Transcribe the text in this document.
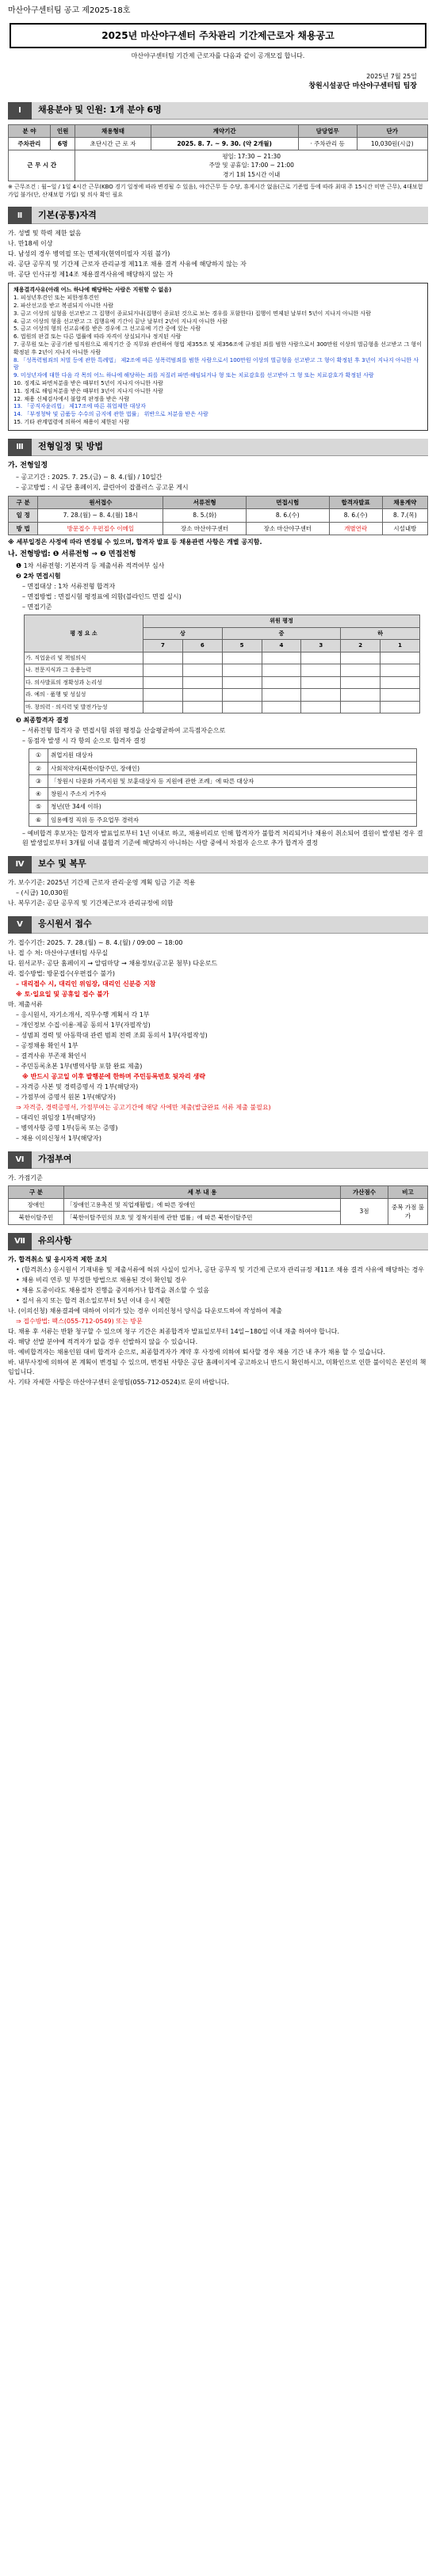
마산아구센터팀 공고 제2025-18호
2025년 마산야구센터 주차관리 기간제근로자 채용공고
마산야구센터팀 기간제 근로자를 다음과 같이 공개모집 합니다.
2025년 7월 25일
창원시설공단 마산야구센터팀 팀장
Ⅰ	채용분야 및 인원: 1개 분야 6명
분 야	인원	채용형태	계약기간	담당업무	단가
주차관리	6명	초단시간 근 로 자	2025. 8. 7. ~ 9. 30. (약 2개월)	· 주차관리 등	10,030원(시급)
근 무 시 간		평일: 17:30 ~ 21:30
주말 및 공휴일: 17:00 ~ 21:00
경기 1회 15시간 이내			
※ 근무조건 : 월~일 / 1일 4시간 근무(KBO 경기 일정에 따라 변경될 수 있음), 야간근무 등 수당, 휴게시간 없음(근로 기준법 등에 따라 최대 주 15시간 미만 근무), 4대보험 가입 불가(단, 산재보험 가입) 및 의사 확인 필요
Ⅱ	기본(공통)자격
가. 성별 및 학력 제한 없음
나. 만18세 이상
다. 남성의 경우 병역필 또는 면제자(현역미필자 지원 불가)
라. 공단 공무직 및 기간제 근로자 관리규정 제11조 채용 결격 사유에 해당하지 않는 자
마. 공단 인사규정 제14조 채용결격사유에 해당하지 않는 자
채용결격사유(아래 어느 하나에 해당하는 사람은 지원할 수 없음)
1. 피성년후견인 또는 피한정후견인
2. 파산선고를 받고 복권되지 아니한 사람
3. 금고 이상의 실형을 선고받고 그 집행이 종료되거나(집행이 종료된 것으로 보는 경우를 포함한다) 집행이 면제된 날부터 5년이 지나지 아니한 사람
4. 금고 이상의 형을 선고받고 그 집행유예 기간이 끝난 날부터 2년이 지나지 아니한 사람
5. 금고 이상의 형의 선고유예를 받은 경우에 그 선고유예 기간 중에 있는 사람
6. 법원의 판결 또는 다른 법률에 따라 자격이 상실되거나 정지된 사람
7. 공무원 또는 공공기관 임직원으로 재직기간 중 직무와 관련하여 형법 제355조 및 제356조에 규정된 죄를 범한 사람으로서 300만원 이상의 벌금형을 선고받고 그 형이 확정된 후 2년이 지나지 아니한 사람
8. 「성폭력범죄의 처벌 등에 관한 특례법」 제2조에 따른 성폭력범죄를 범한 사람으로서 100만원 이상의 벌금형을 선고받고 그 형이 확정된 후 3년이 지나지 아니한 사람
9. 미성년자에 대한 다음 각 목의 어느 하나에 해당하는 죄를 저질러 파면·해임되거나 형 또는 치료감호를 선고받아 그 형 또는 치료감호가 확정된 사람
10. 징계로 파면처분을 받은 때부터 5년이 지나지 아니한 사람
11. 징계로 해임처분을 받은 때부터 3년이 지나지 아니한 사람
12. 채용 신체검사에서 불합격 판정을 받은 사람
13. 「공직자윤리법」 제17조에 따른 취업제한 대상자
14. 「부정청탁 및 금품등 수수의 금지에 관한 법률」 위반으로 처분을 받은 사람
15. 기타 관계법령에 의하여 채용이 제한된 사람
Ⅲ	전형일정 및 방법
가. 전형일정
– 공고기간 : 2025. 7. 25.(금) ~ 8. 4.(월) / 10일간
– 공고방법 : 시 공단 홈페이지, 클린아이 잡플러스 공고문 게시
구 분	원서접수	서류전형	면접시험	합격자발표	채용계약
일 정	7. 28.(월) ~ 8. 4.(월) 18시	8. 5.(화)	8. 6.(수)	8. 6.(수)	8. 7.(목)
방 법	방문접수 우편접수 이메일	장소 마산야구센터	장소 마산야구센터	개별연락	시설내방
※ 세부일정은 사정에 따라 변경될 수 있으며, 합격자 발표 등 채용관련 사항은 개별 공지함.
나. 전형방법: ❶ 서류전형 → ❷ 면접전형
❶ 1차 서류전형: 기본자격 등 제출서류 적격여부 심사
❷ 2차 면접시험
– 면접대상 : 1차 서류전형 합격자
– 면접방법 : 면접시험 평정표에 의함(블라인드 면접 실시)
– 면접기준
평 정 요 소	위원 평정						
	상		중			하	
	7	6	5	4	3	2	1
가. 직업윤리 및 책임의식							
나. 전문지식과 그 응용능력							
다. 의사발표의 정확성과 논리성							
라. 예의 · 품행 및 성실성							
마. 창의력 · 의지력 및 발전가능성							
❸ 최종합격자 결정
– 서류전형 합격자 중 면접시험 위원 평정을 산술평균하여 고득점자순으로
– 동점자 발생 시 각 항의 순으로 합격자 결정
①	취업지원 대상자
②	사회적약자(북한이탈주민, 장애인)
③	「창원시 다문화 가족지원 및 보훈대상자 등 지원에 관한 조례」에 따른 대상자
④	창원시 주소지 거주자
⑤	청년(만 34세 이하)
⑥	임용예정 직위 등 주요업무 경력자
– 예비합격 후보자는 합격자 발표일로부터 1년 이내로 하고, 채용비리로 인해 합격자가 불합격 처리되거나 채용이 취소되어 결원이 발생된 경우 결원 발생일로부터 3개월 이내 불합격 기준에 해당하지 아니하는 사람 중에서 차점자 순으로 추가 합격자 결정
Ⅳ	보수 및 복무
가. 보수기준: 2025년 기간제 근로자 관리·운영 계획 임금 기준 적용
– (시급) 10,030원
나. 복무기준: 공단 공무직 및 기간제근로자 관리규정에 의함
Ⅴ	응시원서 접수
가. 접수기간: 2025. 7. 28.(월) ~ 8. 4.(월) / 09:00 ~ 18:00
나. 접 수 처: 마산야구센터팀 사무실
다. 원서교부: 공단 홈페이지 → 알림마당 → 채용정보(공고문 첨부) 다운로드
라. 접수방법: 방문접수(우편접수 불가)
– 대리접수 시, 대리인 위임장, 대리인 신분증 지참
※ 토·일요일 및 공휴일 접수 불가
마. 제출서류
– 응시원서, 자기소개서, 직무수행 계획서 각 1부
– 개인정보 수집·이용·제공 동의서 1부(자필작성)
– 성범죄 경력 및 아동학대 관련 범죄 전력 조회 동의서 1부(자필작성)
– 공정채용 확인서 1부
– 결격사유 부존재 확인서
– 주민등록초본 1부(병역사항 포함 완료 제출)
※ 반드시 공고일 이후 발행분에 한하며 주민등록번호 뒷자리 생략
– 자격증 사본 및 경력증명서 각 1부(해당자)
– 가점부여 증명서 원본 1부(해당자)
⇒ 자격증, 경력증명서, 가점부여는 공고기간에 해당 사에만 제출(발급완료 서류 제출 불필요)
– 대리인 위임장 1부(해당자)
– 병역사항 증명 1부(등록 또는 증명)
– 채용 이의신청서 1부(해당자)
Ⅵ	가점부여
가. 가점기준
구 분	세 부 내 용	가산점수	비고
장애인	「장애인고용촉진 및 직업재활법」에 따른 장애인	3점	중복 가점 불가
북한이탈주민	「북한이탈주민의 보호 및 정착지원에 관한 법률」에 따른 북한이탈주민		
Ⅶ	유의사항
가. 합격취소 및 응시자격 제한 조치
• (합격취소) 응시원서 기재내용 및 제출서류에 허위 사실이 있거나, 공단 공무직 및 기간제 근로자 관리규정 제11조 채용 결격 사유에 해당하는 경우
• 채용 비리 연루 및 부정한 방법으로 채용된 것이 확인될 경우
• 채용 도중이라도 채용절차 진행을 중지하거나 합격을 취소할 수 있음
• 질서 유지 또는 합격 취소일로부터 5년 이내 응시 제한
나. (이의신청) 채용결과에 대하여 이의가 있는 경우 이의신청서 양식을 다운로드하여 작성하여 제출
⇒ 접수방법: 팩스(055-712-0549) 또는 방문
다. 채용 후 서류는 반환 청구할 수 있으며 청구 기간은 최종합격자 발표일로부터 14일~180일 이내 재출 하여야 합니다.
라. 해당 선발 분야에 적격자가 없을 경우 선발하지 않을 수 있습니다.
마. 예비합격자는 채용인원 대비 합격자 순으로, 최종합격자가 계약 후 사정에 의하여 퇴사할 경우 채용 기간 내 추가 채용 할 수 있습니다.
바. 내부사정에 의하여 본 계획이 변경될 수 있으며, 변경된 사항은 공단 홈페이지에 공고하오니 반드시 확인하시고, 미확인으로 인한 불이익은 본인의 책임입니다.
사. 기타 자세한 사항은 마산야구센터 운영팀(055-712-0524)로 문의 바랍니다.
